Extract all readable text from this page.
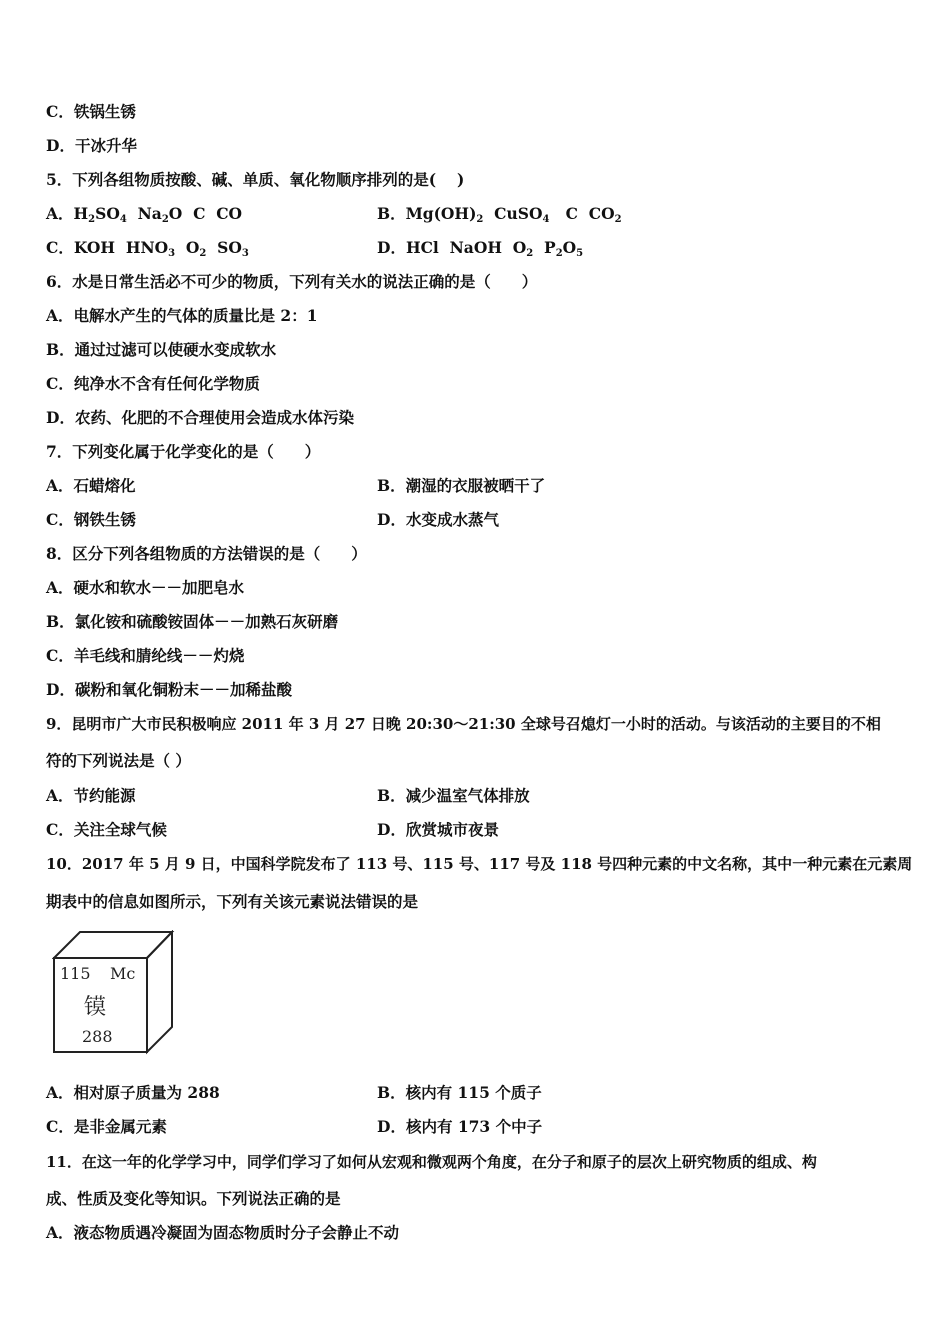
C．铁锅生锈
D．干冰升华
5．下列各组物质按酸、碱、单质、氧化物顺序排列的是(　 )
A．$H_2SO_4$  $Na_2O$  C  CO	B．$Mg(OH)_2$  CuSO$_4$   C  $CO_2$
C．KOH  $HNO_3$  $O_2$  $SO_3$	D．HCl  NaOH  $O_2$  $P_2O_5$
6．水是日常生活必不可少的物质，下列有关水的说法正确的是（　　）
A．电解水产生的气体的质量比是 2：1
B．通过过滤可以使硬水变成软水
C．纯净水不含有任何化学物质
D．农药、化肥的不合理使用会造成水体污染
7．下列变化属于化学变化的是（　　）
A．石蜡熔化	B．潮湿的衣服被晒干了
C．钢铁生锈	D．水变成水蒸气
8．区分下列各组物质的方法错误的是（　　）
A．硬水和软水－－加肥皂水
B．氯化铵和硫酸铵固体－－加熟石灰研磨
C．羊毛线和腈纶线－－灼烧
D．碳粉和氧化铜粉末－－加稀盐酸
9．昆明市广大市民积极响应 2011 年 3 月 27 日晚 20:30～21:30 全球号召熄灯一小时的活动。与该活动的主要目的不相
符的下列说法是（ ）
A．节约能源	B．减少温室气体排放
C．关注全球气候	D．欣赏城市夜景
10．2017 年 5 月 9 日，中国科学院发布了 113 号、115 号、117 号及 118 号四种元素的中文名称，其中一种元素在元素周
期表中的信息如图所示，下列有关该元素说法错误的是
115 Mc
镆
288
A．相对原子质量为 288	B．核内有 115 个质子
C．是非金属元素	D．核内有 173 个中子
11．在这一年的化学学习中，同学们学习了如何从宏观和微观两个角度，在分子和原子的层次上研究物质的组成、构
成、性质及变化等知识。下列说法正确的是
A．液态物质遇冷凝固为固态物质时分子会静止不动
